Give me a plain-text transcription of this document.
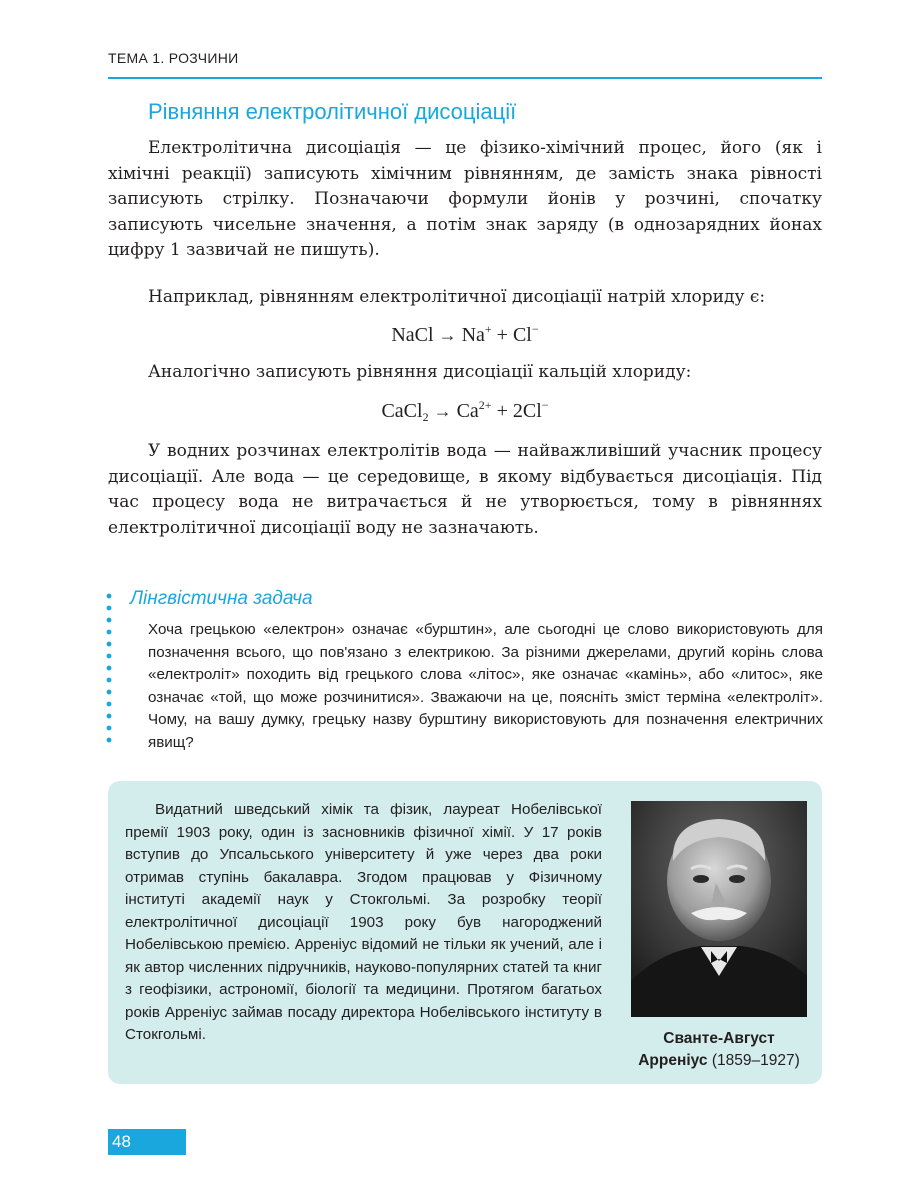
ТЕМА 1. РОЗЧИНИ
Рівняння електролітичної дисоціації
Електролітична дисоціація — це фізико-хімічний процес, його (як і хімічні реакції) записують хімічним рівнянням, де замість знака рівності записують стрілку. Позначаючи формули йонів у розчині, спочатку записують чисельне значення, а потім знак заряду (в однозарядних йонах цифру 1 зазвичай не пишуть).
Наприклад, рівнянням електролітичної дисоціації натрій хлориду є:
NaCl → Na+ + Cl−
Аналогічно записують рівняння дисоціації кальцій хлориду:
CaCl$_2$ → $Ca^{2+} + 2Cl^-$
У водних розчинах електролітів вода — найважливіший учасник процесу дисоціації. Але вода — це середовище, в якому відбувається дисоціація. Під час процесу вода не витрачається й не утворюється, тому в рівняннях електролітичної дисоціації воду не зазначають.
Лінгвістична задача
Хоча грецькою «електрон» означає «бурштин», але сьогодні це слово використовують для позначення всього, що пов'язано з електрикою. За різними джерелами, другий корінь слова «електроліт» походить від грецького слова «літос», яке означає «камінь», або «литос», яке означає «той, що може розчинитися». Зважаючи на це, поясніть зміст терміна «електроліт». Чому, на вашу думку, грецьку назву бурштину використовують для позначення електричних явищ?
Видатний шведський хімік та фізик, лауреат Нобелівської премії 1903 року, один із засновників фізичної хімії. У 17 років вступив до Упсальського університету й уже через два роки отримав ступінь бакалавра. Згодом працював у Фізичному інституті академії наук у Стокгольмі. За розробку теорії електролітичної дисоціації 1903 року був нагороджений Нобелівською премією. Арреніус відомий не тільки як учений, але і як автор численних підручників, науково-популярних статей та книг з геофізики, астрономії, біології та медицини. Протягом багатьох років Арреніус займав посаду директора Нобелівського інституту в Стокгольмі.	Сванте-Август
Арреніус (1859–1927)
48
